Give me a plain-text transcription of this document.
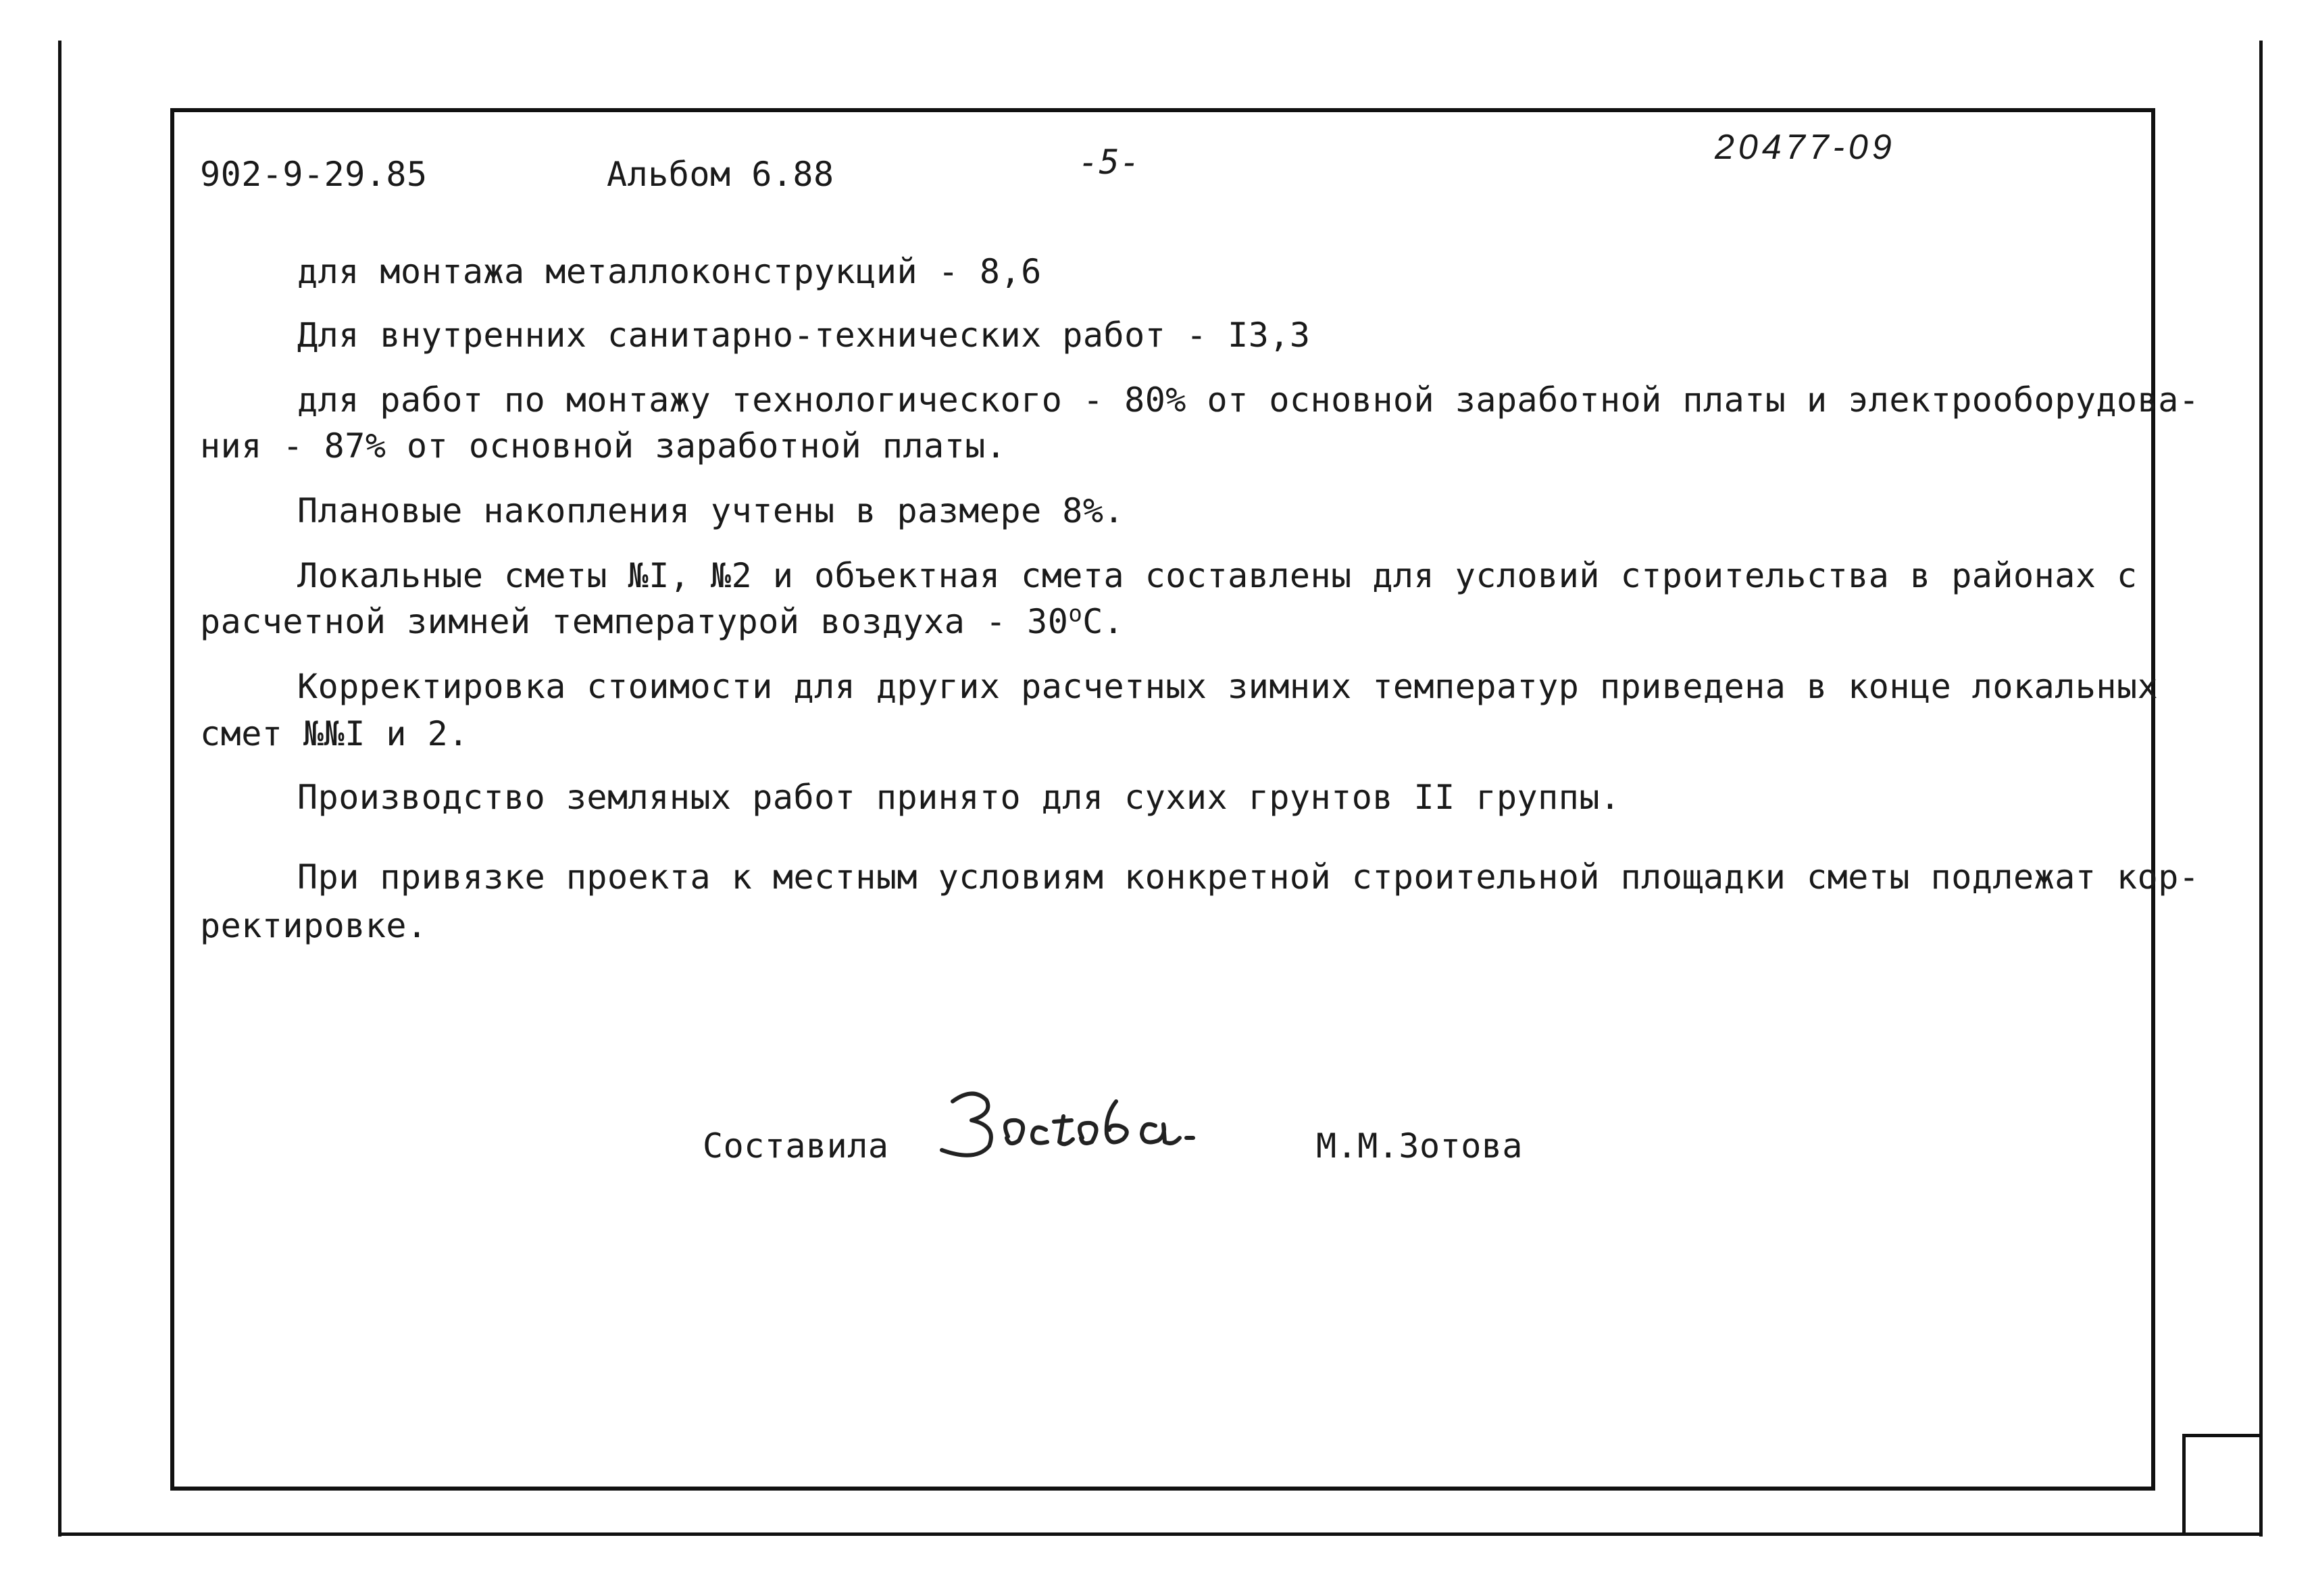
902-9-29.85	Альбом 6.88	-5-	20477-09
для монтажа металлоконструкций - 8,6
Для внутренних санитарно-технических работ - I3,3
для работ по монтажу технологического - 80% от основной заработной платы и электрооборудова-
ния - 87% от основной заработной платы.
Плановые накопления учтены в размере 8%.
Локальные сметы №I, №2 и объектная смета составлены для условий строительства в районах с
расчетной зимней температурой воздуха - $30^оС$.
Корректировка стоимости для других расчетных зимних температур приведена в конце локальных
смет №№I и 2.
Производство земляных работ принято для сухих грунтов II группы.
При привязке проекта к местным условиям конкретной строительной площадки сметы подлежат кор-
ректировке.
Составила	М.М.Зотова
